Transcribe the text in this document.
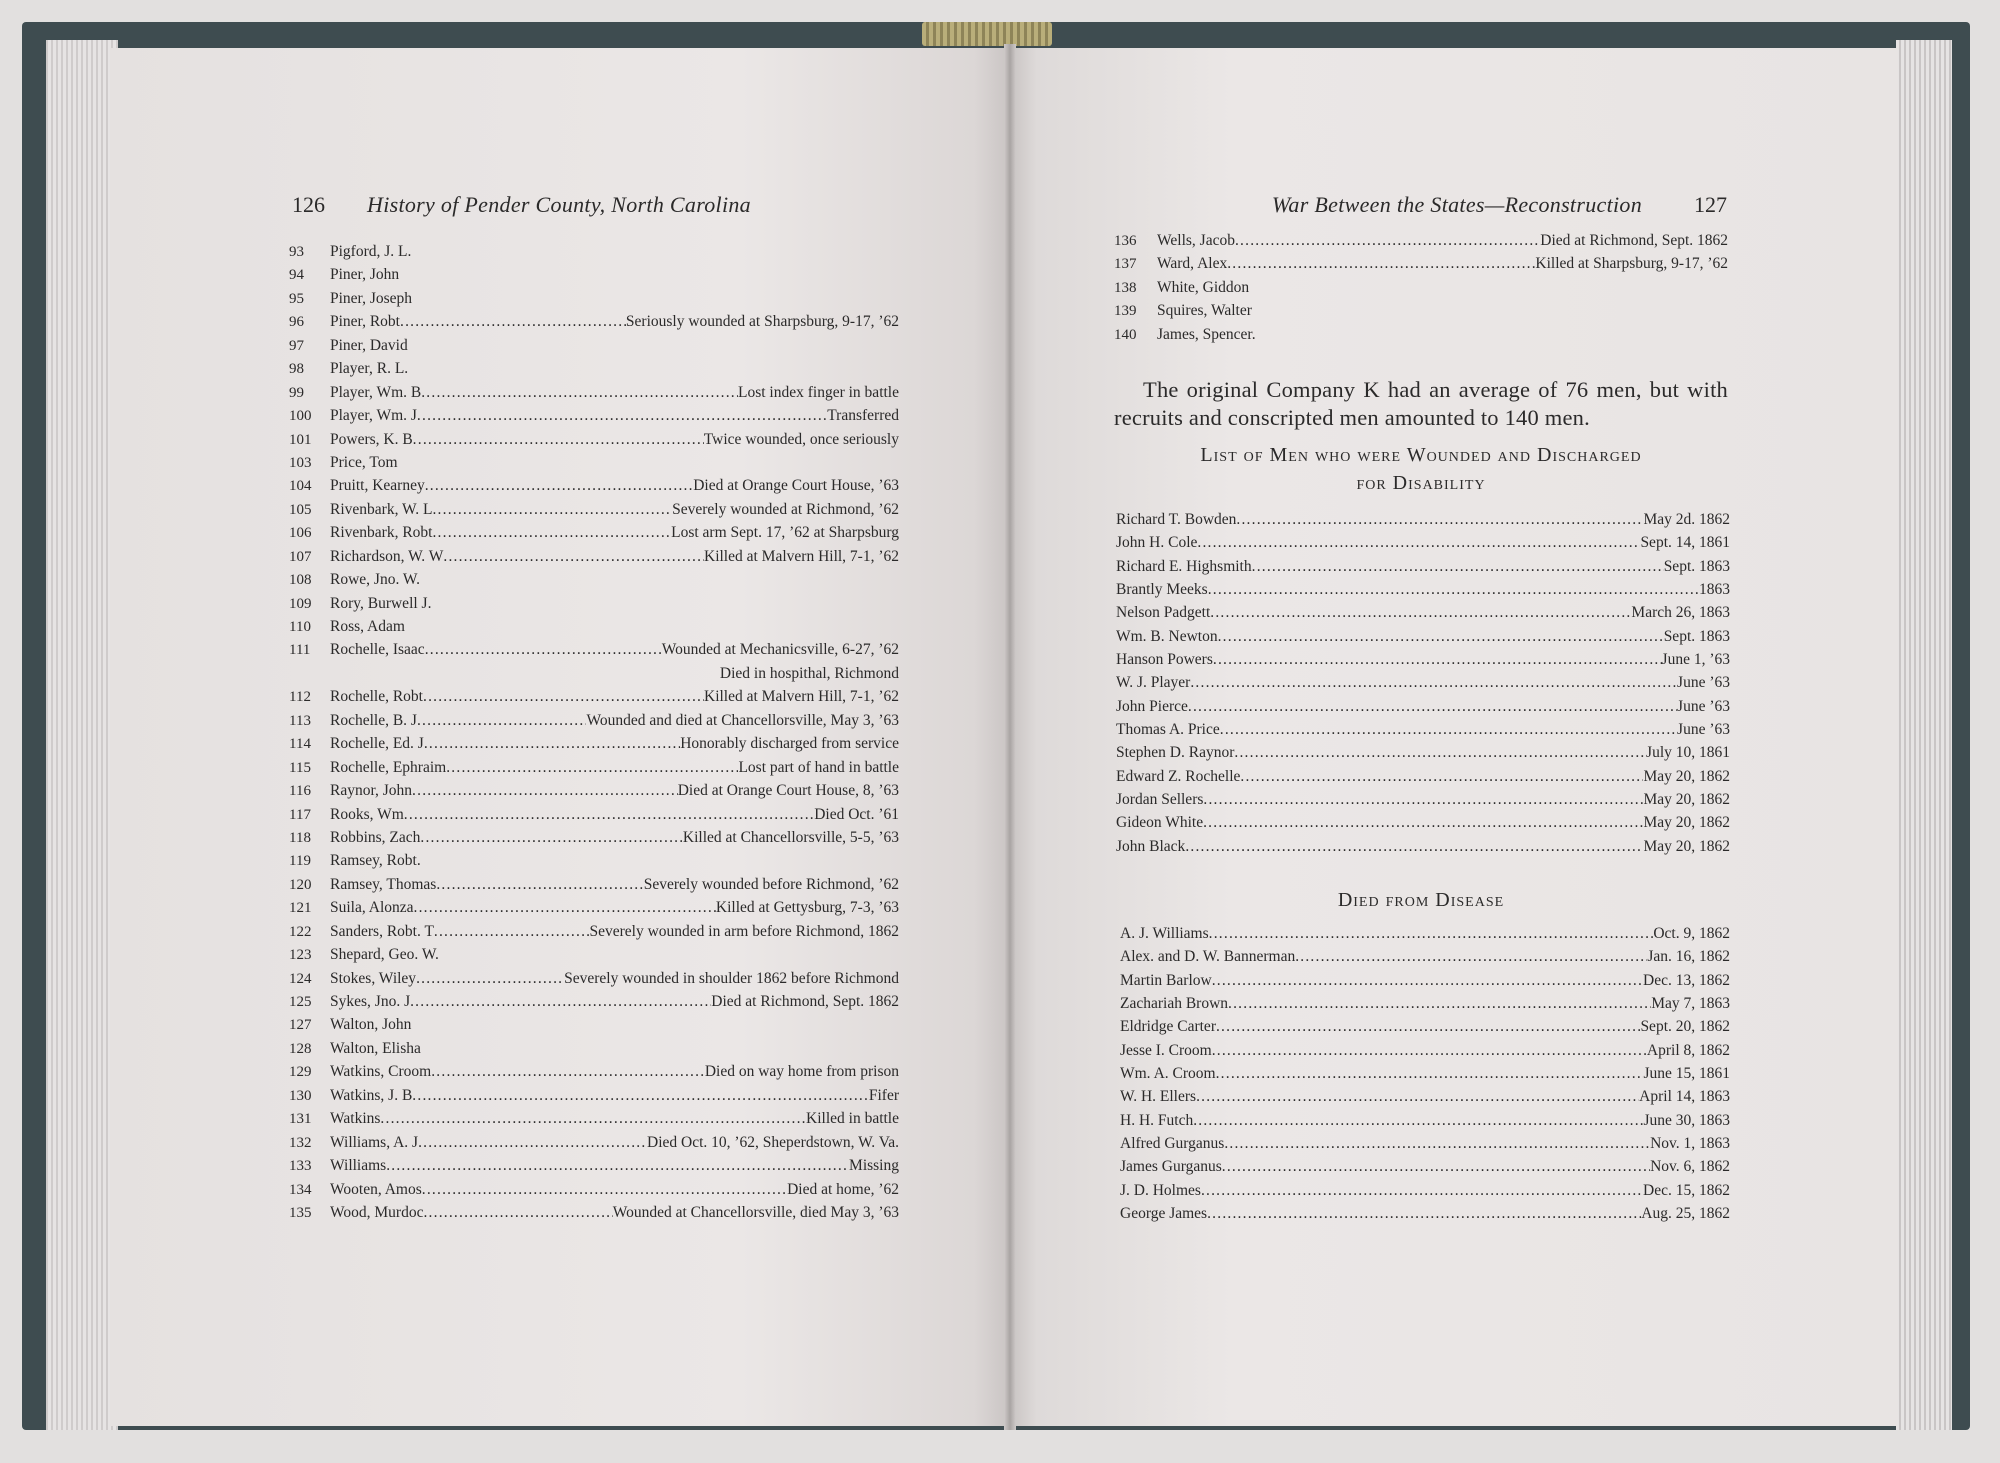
126 History of Pender County, North Carolina
93	Pigford, J. L.
94	Piner, John
95	Piner, Joseph
96	Piner, Robt .....	Seriously wounded at Sharpsburg, 9-17, ’62
97	Piner, David
98	Player, R. L.
99	Player, Wm. B .....	Lost index finger in battle
100	Player, Wm. J .....	Transferred
101	Powers, K. B .....	Twice wounded, once seriously
103	Price, Tom
104	Pruitt, Kearney .....	Died at Orange Court House, ’63
105	Rivenbark, W. L .....	Severely wounded at Richmond, ’62
106	Rivenbark, Robt .....	Lost arm Sept. 17, ’62 at Sharpsburg
107	Richardson, W. W .....	Killed at Malvern Hill, 7-1, ’62
108	Rowe, Jno. W.
109	Rory, Burwell J.
110	Ross, Adam
111	Rochelle, Isaac .....	Wounded at Mechanicsville, 6-27, ’62
Died in hospithal, Richmond
112	Rochelle, Robt .....	Killed at Malvern Hill, 7-1, ’62
113	Rochelle, B. J .....	Wounded and died at Chancellorsville, May 3, ’63
114	Rochelle, Ed. J .....	Honorably discharged from service
115	Rochelle, Ephraim .....	Lost part of hand in battle
116	Raynor, John .....	Died at Orange Court House, 8, ’63
117	Rooks, Wm .....	Died Oct. ’61
118	Robbins, Zach .....	Killed at Chancellorsville, 5-5, ’63
119	Ramsey, Robt.
120	Ramsey, Thomas .....	Severely wounded before Richmond, ’62
121	Suila, Alonza .....	Killed at Gettysburg, 7-3, ’63
122	Sanders, Robt. T .....	Severely wounded in arm before Richmond, 1862
123	Shepard, Geo. W.
124	Stokes, Wiley .....	Severely wounded in shoulder 1862 before Richmond
125	Sykes, Jno. J .....	Died at Richmond, Sept. 1862
127	Walton, John
128	Walton, Elisha
129	Watkins, Croom .....	Died on way home from prison
130	Watkins, J. B .....	Fifer
131	Watkins .....	Killed in battle
132	Williams, A. J .....	Died Oct. 10, ’62, Sheperdstown, W. Va.
133	Williams .....	Missing
134	Wooten, Amos .....	Died at home, ’62
135	Wood, Murdoc .....	Wounded at Chancellorsville, died May 3, ’63
War Between the States—Reconstruction 127
136	Wells, Jacob .....	Died at Richmond, Sept. 1862
137	Ward, Alex .....	Killed at Sharpsburg, 9-17, ’62
138	White, Giddon
139	Squires, Walter
140	James, Spencer.

The original Company K had an average of 76 men, but with recruits and conscripted men amounted to 140 men.

List of Men who were Wounded and Discharged
for Disability
Richard T. Bowden .....	May 2d. 1862
John H. Cole .....	Sept. 14, 1861
Richard E. Highsmith .....	Sept. 1863
Brantly Meeks .....	1863
Nelson Padgett .....	March 26, 1863
Wm. B. Newton .....	Sept. 1863
Hanson Powers .....	June 1, ’63
W. J. Player .....	June ’63
John Pierce .....	June ’63
Thomas A. Price .....	June ’63
Stephen D. Raynor .....	July 10, 1861
Edward Z. Rochelle .....	May 20, 1862
Jordan Sellers .....	May 20, 1862
Gideon White .....	May 20, 1862
John Black .....	May 20, 1862
Died from Disease
A. J. Williams .....	Oct. 9, 1862
Alex. and D. W. Bannerman .....	Jan. 16, 1862
Martin Barlow .....	Dec. 13, 1862
Zachariah Brown .....	May 7, 1863
Eldridge Carter .....	Sept. 20, 1862
Jesse I. Croom .....	April 8, 1862
Wm. A. Croom .....	June 15, 1861
W. H. Ellers .....	April 14, 1863
H. H. Futch .....	June 30, 1863
Alfred Gurganus .....	Nov. 1, 1863
James Gurganus .....	Nov. 6, 1862
J. D. Holmes .....	Dec. 15, 1862
George James .....	Aug. 25, 1862
